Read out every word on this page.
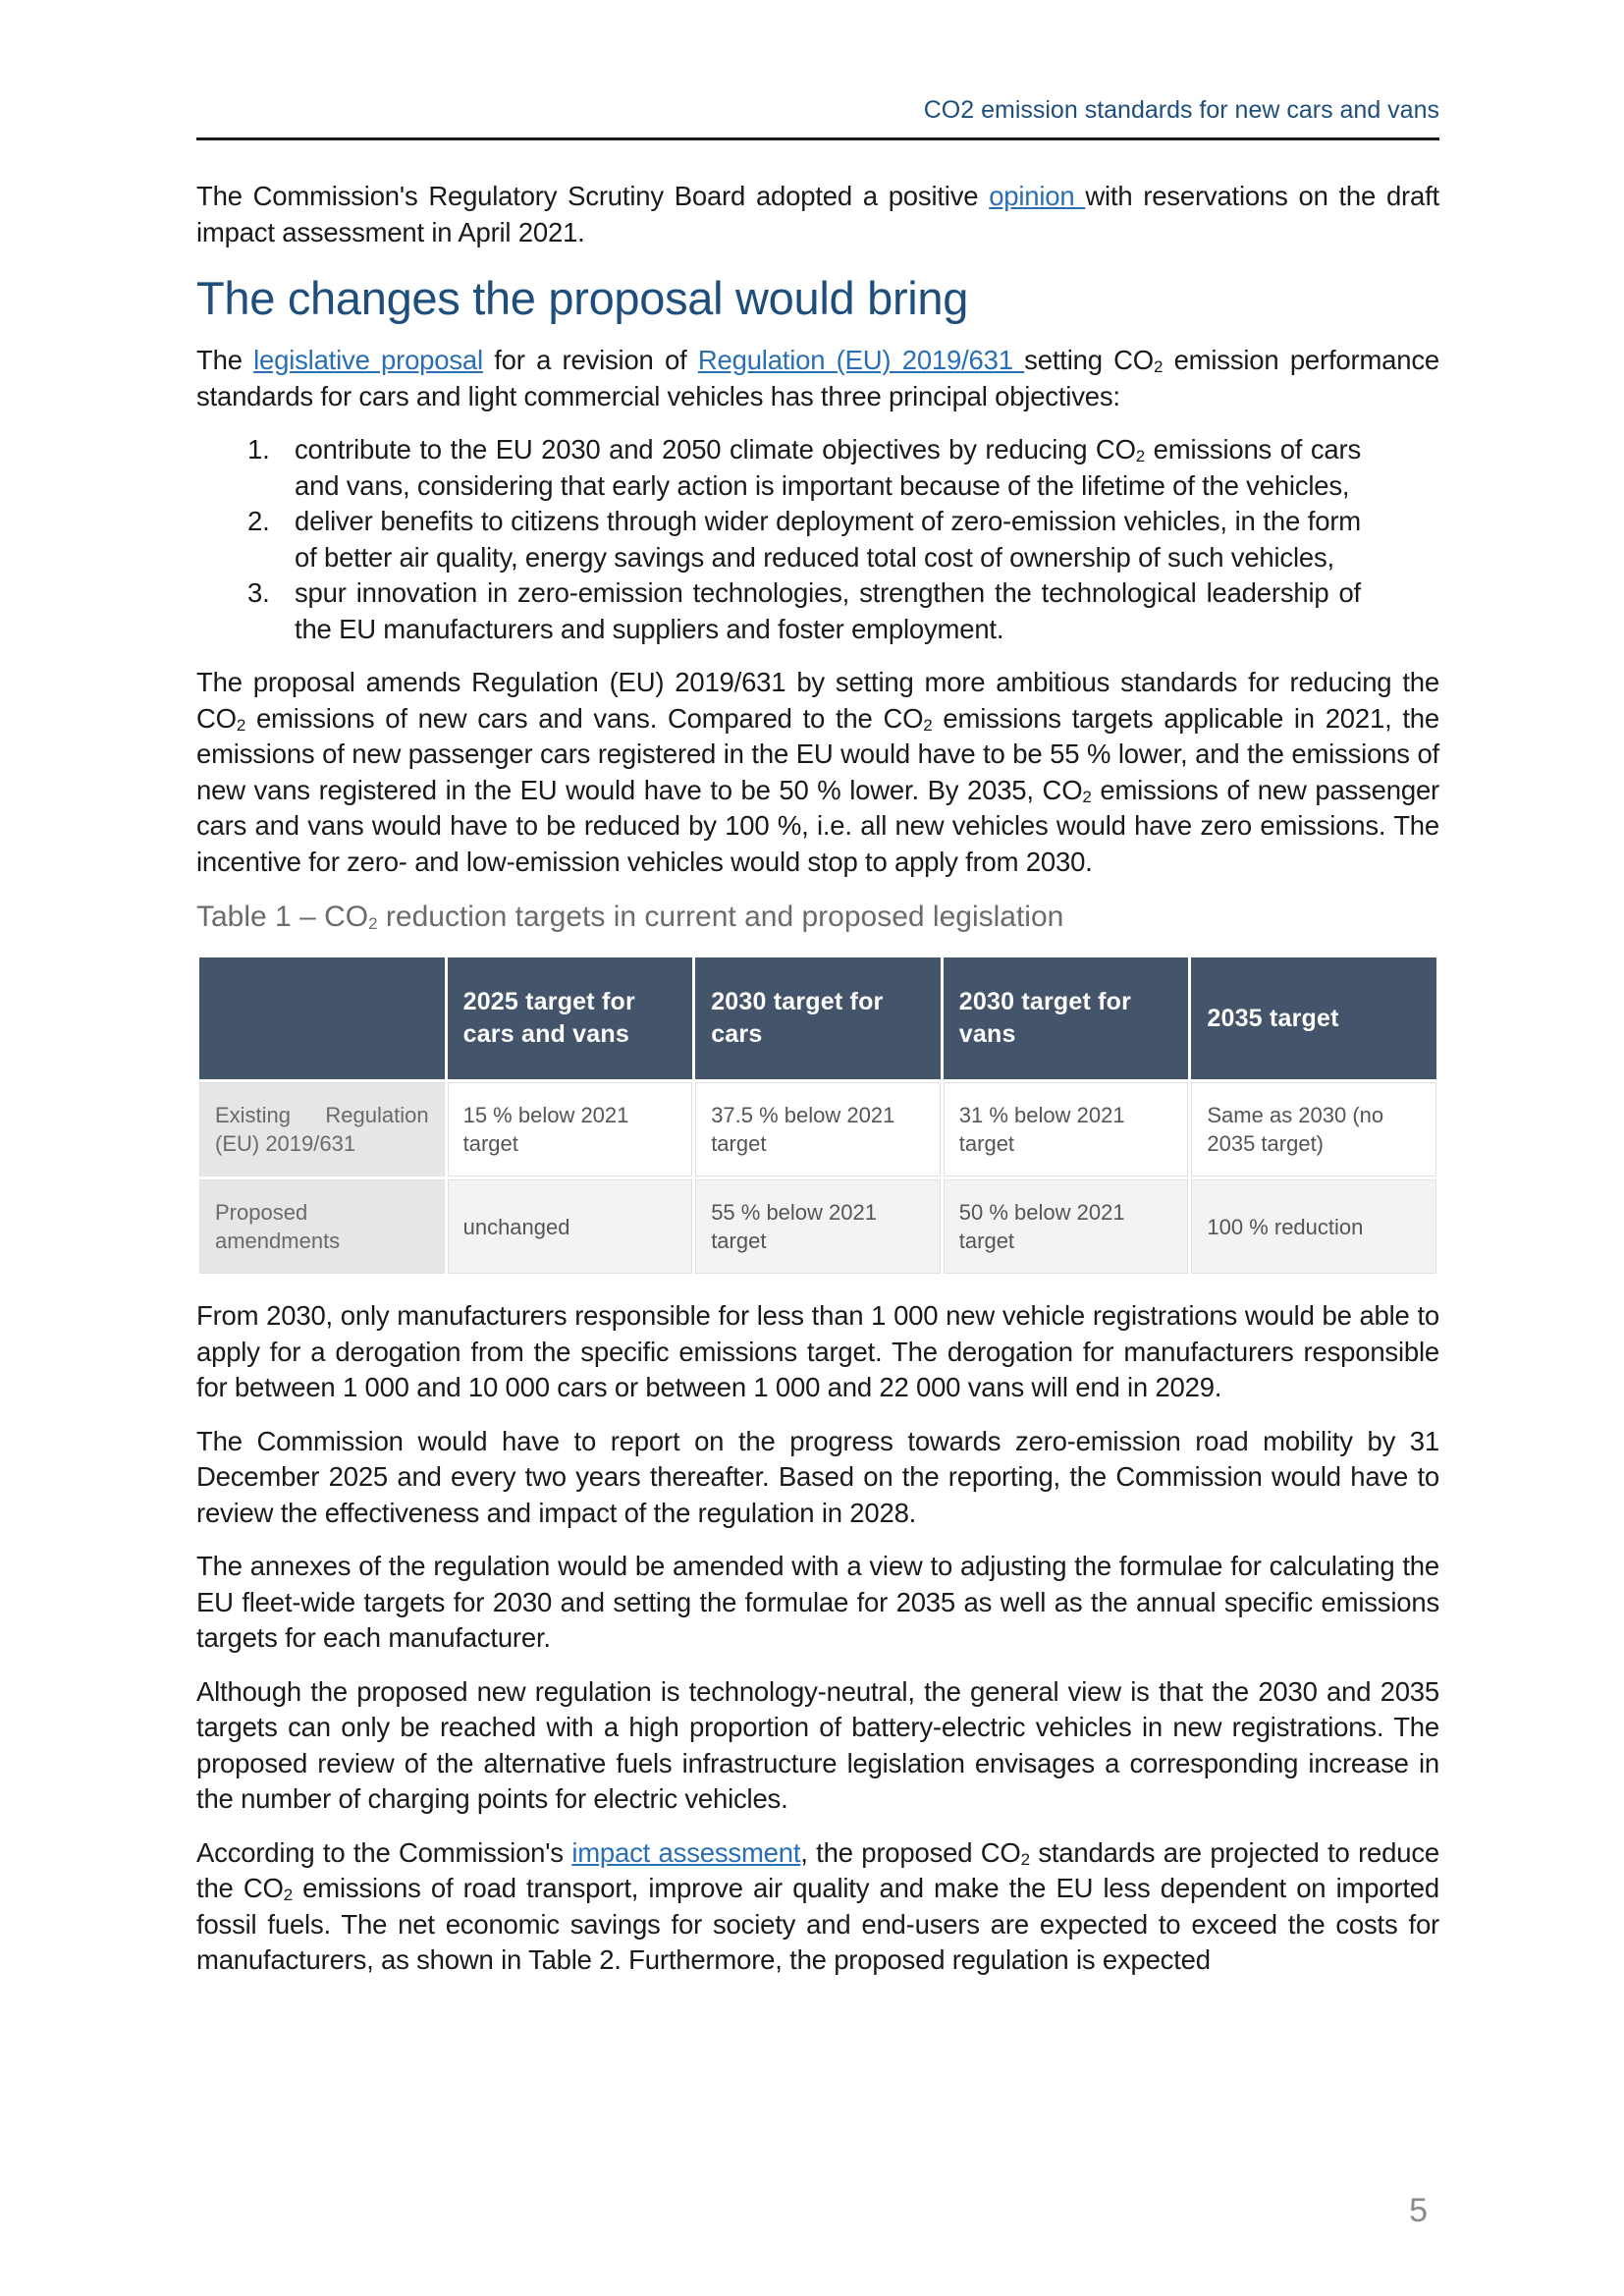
CO2 emission standards for new cars and vans

The Commission's Regulatory Scrutiny Board adopted a positive opinion with reservations on the draft impact assessment in April 2021.

The changes the proposal would bring

The legislative proposal for a revision of Regulation (EU) 2019/631 setting $CO_2$ emission performance standards for cars and light commercial vehicles has three principal objectives:

1. contribute to the EU 2030 and 2050 climate objectives by reducing $CO_2$ emissions of cars and vans, considering that early action is important because of the lifetime of the vehicles,
2. deliver benefits to citizens through wider deployment of zero-emission vehicles, in the form of better air quality, energy savings and reduced total cost of ownership of such vehicles,
3. spur innovation in zero-emission technologies, strengthen the technological leadership of the EU manufacturers and suppliers and foster employment.

The proposal amends Regulation (EU) 2019/631 by setting more ambitious standards for reducing the $CO_2$ emissions of new cars and vans. Compared to the $CO_2$ emissions targets applicable in 2021, the emissions of new passenger cars registered in the EU would have to be 55 % lower, and the emissions of new vans registered in the EU would have to be 50 % lower. By 2035, $CO_2$ emissions of new passenger cars and vans would have to be reduced by 100 %, i.e. all new vehicles would have zero emissions. The incentive for zero- and low-emission vehicles would stop to apply from 2030.

Table $1 - CO_2$ reduction targets in current and proposed legislation
	2025 target for cars and vans	2030 target for cars	2030 target for vans	2035 target
Existing Regulation (EU) 2019/631	15 % below 2021 target	37.5 % below 2021 target	31 % below 2021 target	Same as 2030 (no 2035 target)
Proposed amendments	unchanged	55 % below 2021 target	50 % below 2021 target	100 % reduction

From 2030, only manufacturers responsible for less than 1 000 new vehicle registrations would be able to apply for a derogation from the specific emissions target. The derogation for manufacturers responsible for between 1 000 and 10 000 cars or between 1 000 and 22 000 vans will end in 2029.

The Commission would have to report on the progress towards zero-emission road mobility by 31 December 2025 and every two years thereafter. Based on the reporting, the Commission would have to review the effectiveness and impact of the regulation in 2028.

The annexes of the regulation would be amended with a view to adjusting the formulae for calculating the EU fleet-wide targets for 2030 and setting the formulae for 2035 as well as the annual specific emissions targets for each manufacturer.

Although the proposed new regulation is technology-neutral, the general view is that the 2030 and 2035 targets can only be reached with a high proportion of battery-electric vehicles in new registrations. The proposed review of the alternative fuels infrastructure legislation envisages a corresponding increase in the number of charging points for electric vehicles.

According to the Commission's impact assessment, the proposed $CO_2$ standards are projected to reduce the $CO_2$ emissions of road transport, improve air quality and make the EU less dependent on imported fossil fuels. The net economic savings for society and end-users are expected to exceed the costs for manufacturers, as shown in Table 2. Furthermore, the proposed regulation is expected

5
